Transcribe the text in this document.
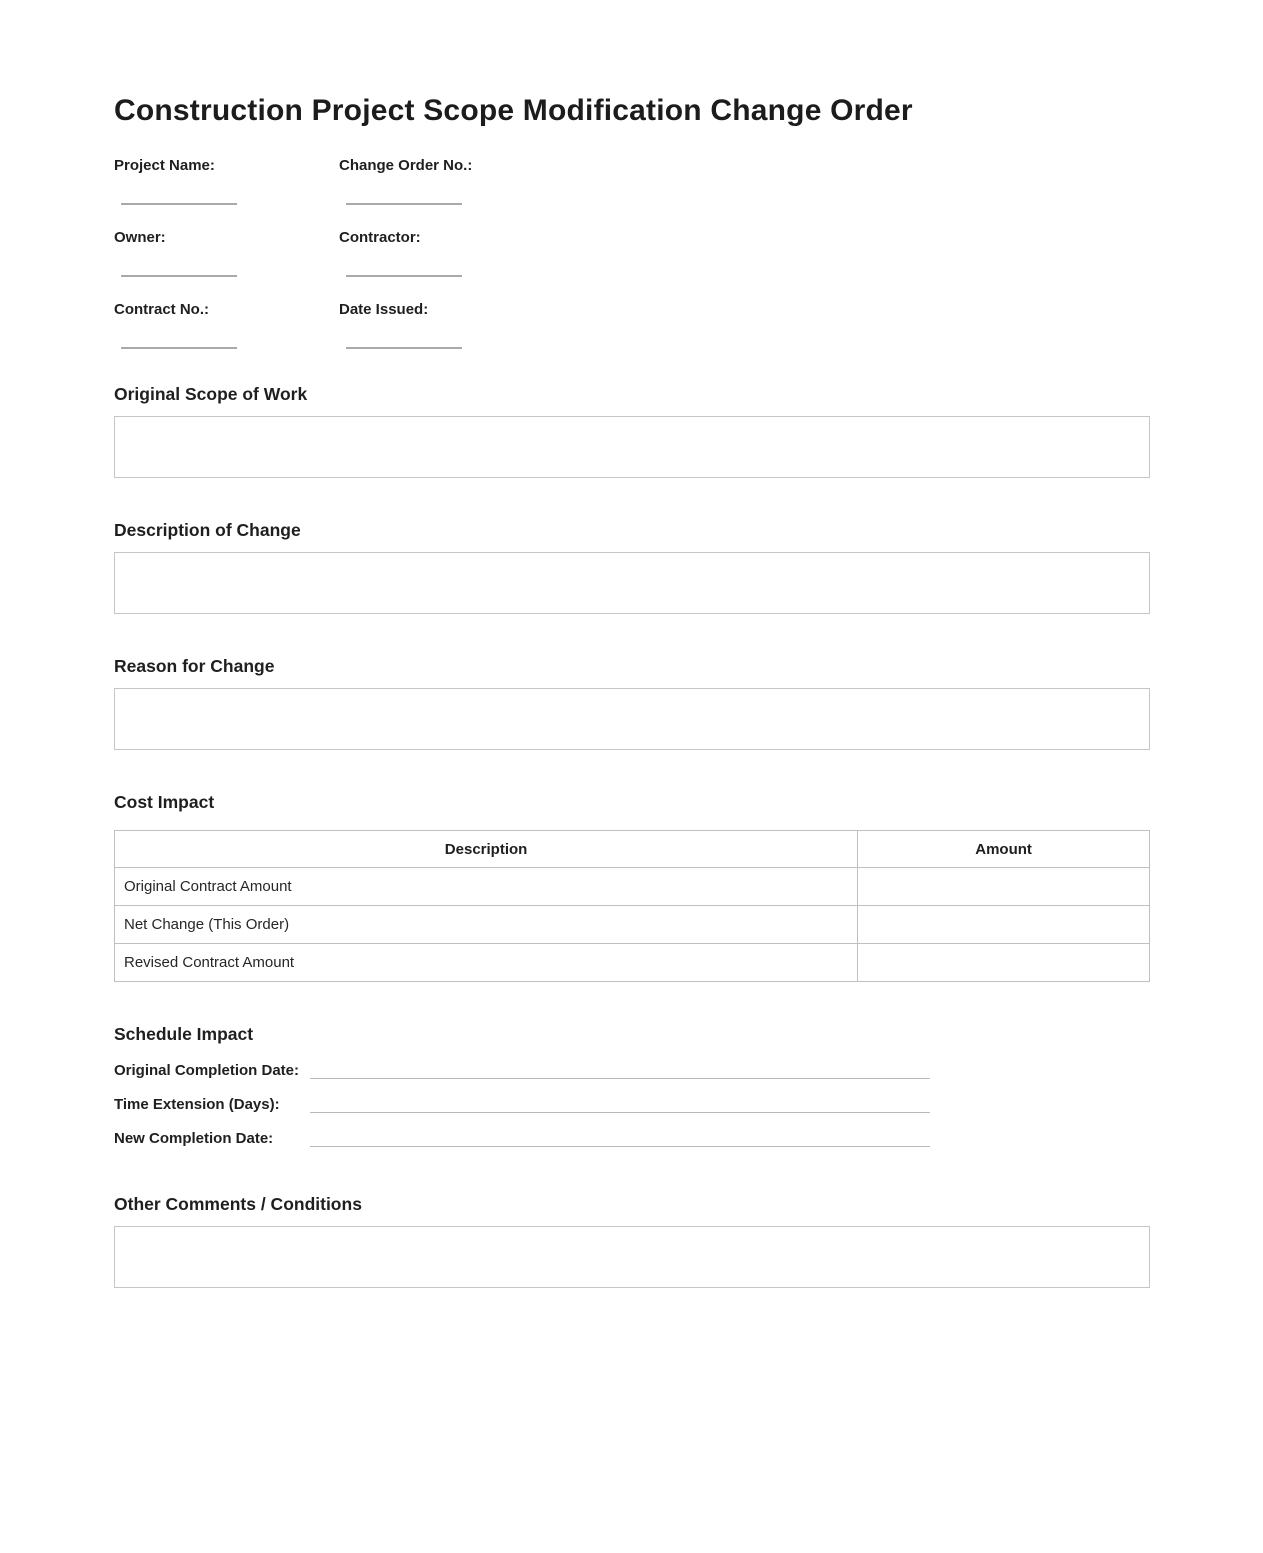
Construction Project Scope Modification Change Order
Project Name:	Change Order No.:
Owner:	Contractor:
Contract No.:	Date Issued:
Original Scope of Work
Description of Change
Reason for Change
Cost Impact
Description	Amount
Original Contract Amount	
Net Change (This Order)	
Revised Contract Amount	
Schedule Impact
Original Completion Date:
Time Extension (Days):
New Completion Date:
Other Comments / Conditions
